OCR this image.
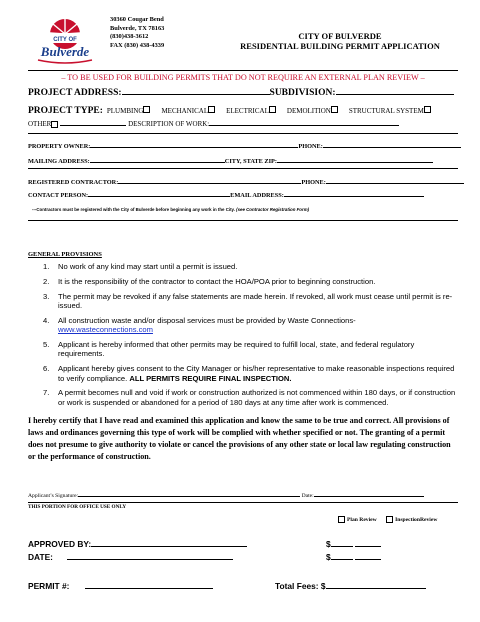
CITY OF
Bulverde
30360 Cougar Bend
Bulverde, TX 78163
(830)438-3612
FAX (830) 438-4339
CITY OF BULVERDE
RESIDENTIAL BUILDING PERMIT APPLICATION
– TO BE USED FOR BUILDING PERMITS THAT DO NOT REQUIRE AN EXTERNAL PLAN REVIEW –
PROJECT ADDRESS:	SUBDIVISION:
PROJECT TYPE: PLUMBING	MECHANICAL	ELECTRICAL	DEMOLITION	STRUCTURAL SYSTEM
OTHER	DESCRIPTION OF WORK:
PROPERTY OWNER:	PHONE:
MAILING ADDRESS:	CITY, STATE ZIP:
REGISTERED CONTRACTOR:	PHONE:
CONTACT PERSON:	EMAIL ADDRESS:
---Contractors must be registered with the City of Bulverde before beginning any work in the City. (see Contractor Registration Form)
GENERAL PROVISIONS
1. No work of any kind may start until a permit is issued.
2. It is the responsibility of the contractor to contact the HOA/POA prior to beginning construction.
3. The permit may be revoked if any false statements are made herein. If revoked, all work must cease until permit is re-issued.
4. All construction waste and/or disposal services must be provided by Waste Connections-
www.wasteconnections.com
5. Applicant is hereby informed that other permits may be required to fulfill local, state, and federal regulatory requirements.
6. Applicant hereby gives consent to the City Manager or his/her representative to make reasonable inspections required to verify compliance. ALL PERMITS REQUIRE FINAL INSPECTION.
7. A permit becomes null and void if work or construction authorized is not commenced within 180 days, or if construction or work is suspended or abandoned for a period of 180 days at any time after work is commenced.
I hereby certify that I have read and examined this application and know the same to be true and correct. All provisions of laws and ordinances governing this type of work will be complied with whether specified or not. The granting of a permit does not presume to give authority to violate or cancel the provisions of any other state or local law regulating construction or the performance of construction.
Applicant’s Signature:	Date:
THIS PORTION FOR OFFICE USE ONLY
Plan Review	InspectionReview
APPROVED BY:	$
DATE:	$
PERMIT #:	Total Fees: $
